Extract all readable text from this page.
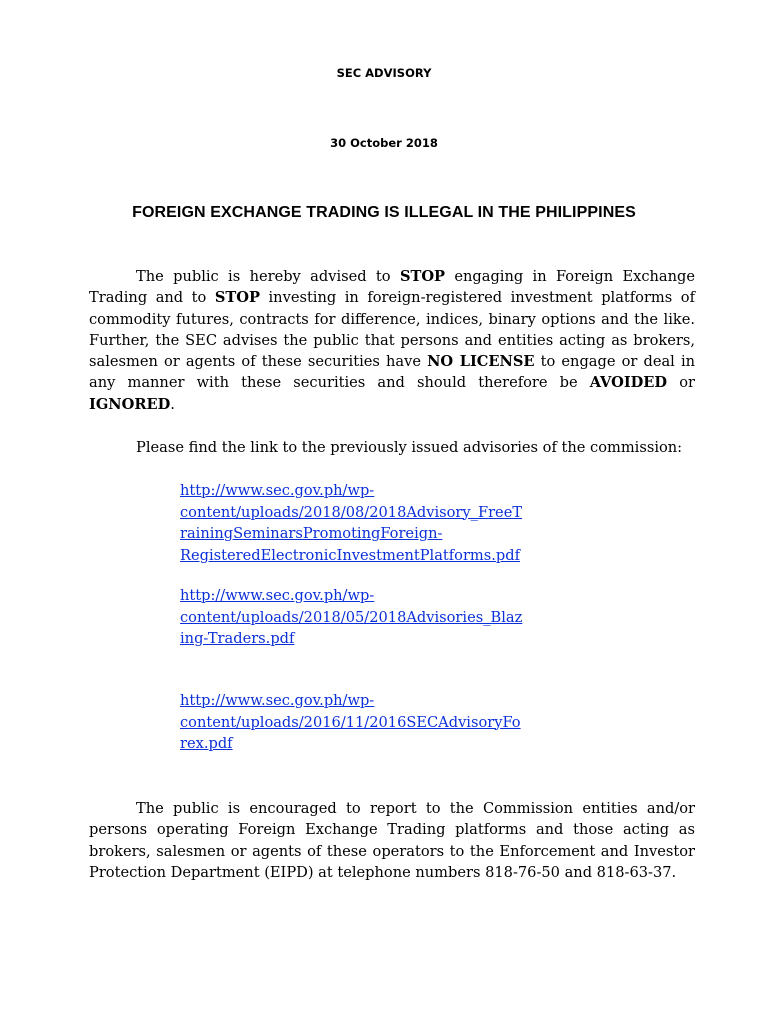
SEC ADVISORY
30 October 2018
FOREIGN EXCHANGE TRADING IS ILLEGAL IN THE PHILIPPINES

The public is hereby advised to STOP engaging in Foreign Exchange Trading and to STOP investing in foreign-registered investment platforms of commodity futures, contracts for difference, indices, binary options and the like. Further, the SEC advises the public that persons and entities acting as brokers, salesmen or agents of these securities have NO LICENSE to engage or deal in any manner with these securities and should therefore be AVOIDED or IGNORED.

Please find the link to the previously issued advisories of the commission:

http://www.sec.gov.ph/wp-
content/uploads/2018/08/2018Advisory_FreeT
rainingSeminarsPromotingForeign-
RegisteredElectronicInvestmentPlatforms.pdf
http://www.sec.gov.ph/wp-
content/uploads/2018/05/2018Advisories_Blaz
ing-Traders.pdf
http://www.sec.gov.ph/wp-
content/uploads/2016/11/2016SECAdvisoryFo
rex.pdf

The public is encouraged to report to the Commission entities and/or persons operating Foreign Exchange Trading platforms and those acting as brokers, salesmen or agents of these operators to the Enforcement and Investor Protection Department (EIPD) at telephone numbers 818-76-50 and 818-63-37.
